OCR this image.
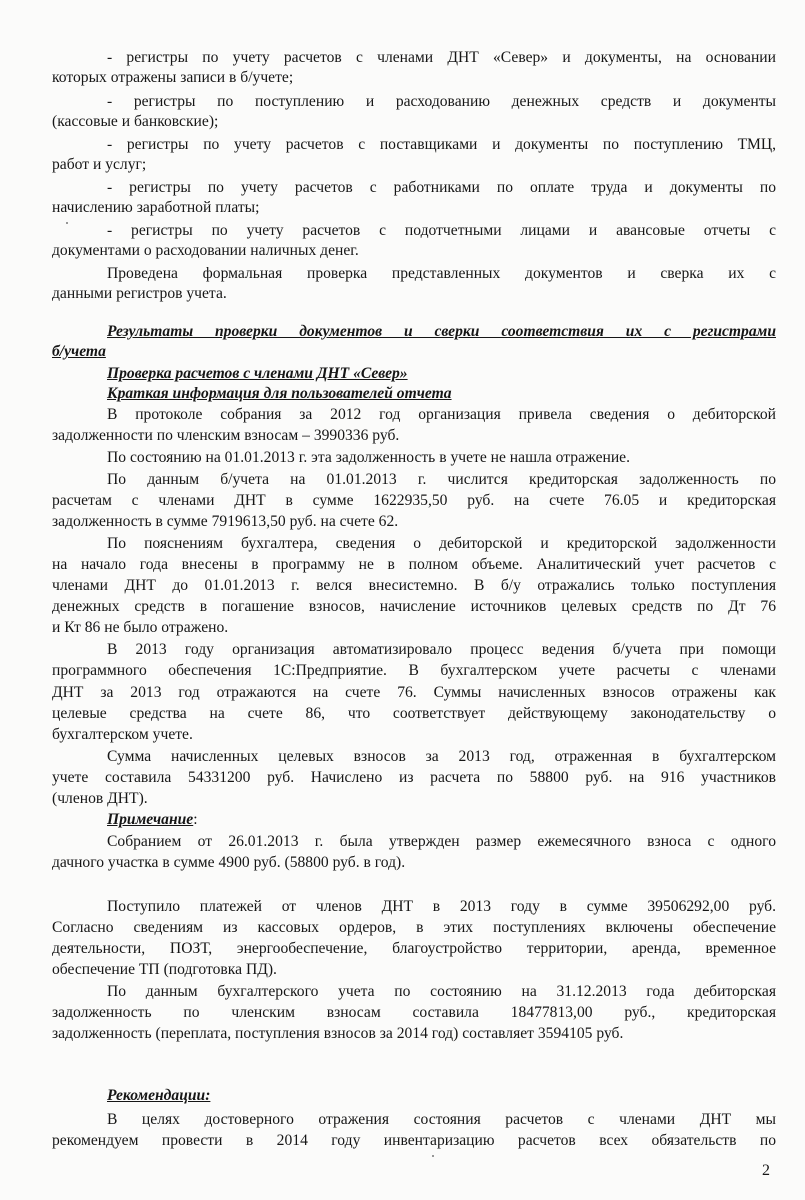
- регистры по учету расчетов с членами ДНТ «Север» и документы, на основании
которых отражены записи в б/учете;
- регистры по поступлению и расходованию денежных средств и документы
(кассовые и банковские);
- регистры по учету расчетов с поставщиками и документы по поступлению ТМЦ,
работ и услуг;
- регистры по учету расчетов с работниками по оплате труда и документы по
начислению заработной платы;
- регистры по учету расчетов с подотчетными лицами и авансовые отчеты с
документами о расходовании наличных денег.
Проведена формальная проверка представленных документов и сверка их с
данными регистров учета.
Результаты проверки документов и сверки соответствия их с регистрами
б/учета
Проверка расчетов с членами ДНТ «Север»
Краткая информация для пользователей отчета
В протоколе собрания за 2012 год организация привела сведения о дебиторской
задолженности по членским взносам – 3990336 руб.
По состоянию на 01.01.2013 г. эта задолженность в учете не нашла отражение.
По данным б/учета на 01.01.2013 г. числится кредиторская задолженность по
расчетам с членами ДНТ в сумме 1622935,50 руб. на счете 76.05 и кредиторская
задолженность в сумме 7919613,50 руб. на счете 62.
По пояснениям бухгалтера, сведения о дебиторской и кредиторской задолженности
на начало года внесены в программу не в полном объеме. Аналитический учет расчетов с
членами ДНТ до 01.01.2013 г. велся внесистемно. В б/у отражались только поступления
денежных средств в погашение взносов, начисление источников целевых средств по Дт 76
и Кт 86 не было отражено.
В 2013 году организация автоматизировало процесс ведения б/учета при помощи
программного обеспечения 1С:Предприятие. В бухгалтерском учете расчеты с членами
ДНТ за 2013 год отражаются на счете 76. Суммы начисленных взносов отражены как
целевые средства на счете 86, что соответствует действующему законодательству о
бухгалтерском учете.
Сумма начисленных целевых взносов за 2013 год, отраженная в бухгалтерском
учете составила 54331200 руб. Начислено из расчета по 58800 руб. на 916 участников
(членов ДНТ).
Примечание:
Собранием от 26.01.2013 г. была утвержден размер ежемесячного взноса с одного
дачного участка в сумме 4900 руб. (58800 руб. в год).
Поступило платежей от членов ДНТ в 2013 году в сумме 39506292,00 руб.
Согласно сведениям из кассовых ордеров, в этих поступлениях включены обеспечение
деятельности, ПОЗТ, энергообеспечение, благоустройство территории, аренда, временное
обеспечение ТП (подготовка ПД).
По данным бухгалтерского учета по состоянию на 31.12.2013 года дебиторская
задолженность по членским взносам составила 18477813,00 руб., кредиторская
задолженность (переплата, поступления взносов за 2014 год) составляет 3594105 руб.
Рекомендации:
В целях достоверного отражения состояния расчетов с членами ДНТ мы
рекомендуем провести в 2014 году инвентаризацию расчетов всех обязательств по
2
